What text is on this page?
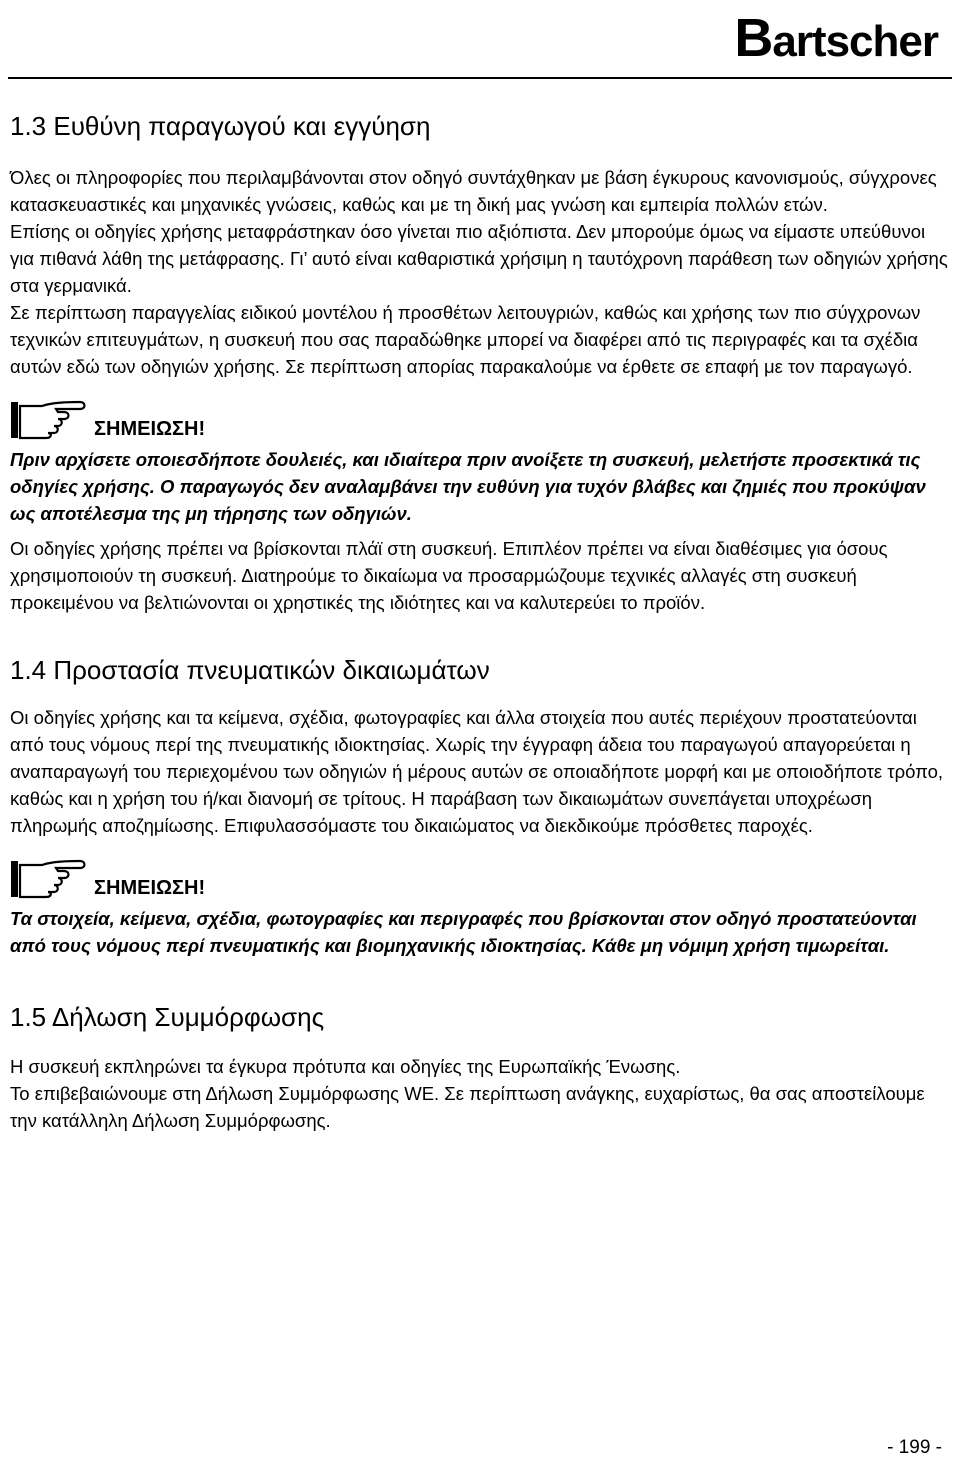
Bartscher
1.3 Ευθύνη παραγωγού και εγγύηση

Όλες οι πληροφορίες που περιλαμβάνονται στον οδηγό συντάχθηκαν με βάση έγκυρους κανονισμούς, σύγχρονες κατασκευαστικές και μηχανικές γνώσεις, καθώς και με τη δική μας γνώση και εμπειρία πολλών ετών.

Επίσης οι οδηγίες χρήσης μεταφράστηκαν όσο γίνεται πιο αξιόπιστα. Δεν μπορούμε όμως να είμαστε υπεύθυνοι για πιθανά λάθη της μετάφρασης. Γι’ αυτό είναι καθαριστικά χρήσιμη η ταυτόχρονη παράθεση των οδηγιών χρήσης στα γερμανικά.

Σε περίπτωση παραγγελίας ειδικού μοντέλου ή προσθέτων λειτουγριών, καθώς και χρήσης των πιο σύγχρονων τεχνικών επιτευγμάτων, η συσκευή που σας παραδώθηκε μπορεί να διαφέρει από τις περιγραφές και τα σχέδια αυτών εδώ των οδηγιών χρήσης. Σε περίπτωση απορίας παρακαλούμε να έρθετε σε επαφή με τον παραγωγό.

ΣΗΜΕΙΩΣΗ!

Πριν αρχίσετε οποιεσδήποτε δουλειές, και ιδιαίτερα πριν ανοίξετε τη συσκευή, μελετήστε προσεκτικά τις οδηγίες χρήσης. Ο παραγωγός δεν αναλαμβάνει την ευθύνη για τυχόν βλάβες και ζημιές που προκύψαν ως αποτέλεσμα της μη τήρησης των οδηγιών.

Οι οδηγίες χρήσης πρέπει να βρίσκονται πλάϊ στη συσκευή. Επιπλέον πρέπει να είναι διαθέσιμες για όσους χρησιμοποιούν τη συσκευή. Διατηρούμε το δικαίωμα να προσαρμώζουμε τεχνικές αλλαγές στη συσκευή προκειμένου να βελτιώνονται οι χρηστικές της ιδιότητες και να καλυτερεύει το προϊόν.

1.4 Προστασία πνευματικών δικαιωμάτων

Οι οδηγίες χρήσης και τα κείμενα, σχέδια, φωτογραφίες και άλλα στοιχεία που αυτές περιέχουν προστατεύονται από τους νόμους περί της πνευματικής ιδιοκτησίας. Χωρίς την έγγραφη άδεια του παραγωγού απαγορεύεται η αναπαραγωγή του περιεχομένου των οδηγιών ή μέρους αυτών σε οποιαδήποτε μορφή και με οποιοδήποτε τρόπο, καθώς και η χρήση του ή/και διανομή σε τρίτους. Η παράβαση των δικαιωμάτων συνεπάγεται υποχρέωση πληρωμής αποζημίωσης. Επιφυλασσόμαστε του δικαιώματος να διεκδικούμε πρόσθετες παροχές.

ΣΗΜΕΙΩΣΗ!

Τα στοιχεία, κείμενα, σχέδια, φωτογραφίες και περιγραφές που βρίσκονται στον οδηγό προστατεύονται από τους νόμους περί πνευματικής και βιομηχανικής ιδιοκτησίας. Κάθε μη νόμιμη χρήση τιμωρείται.

1.5 Δήλωση Συμμόρφωσης

Η συσκευή εκπληρώνει τα έγκυρα πρότυπα και οδηγίες της Ευρωπαϊκής Ένωσης.

Το επιβεβαιώνουμε στη Δήλωση Συμμόρφωσης WE. Σε περίπτωση ανάγκης, ευχαρίστως, θα σας αποστείλουμε την κατάλληλη Δήλωση Συμμόρφωσης.

- 199 -
